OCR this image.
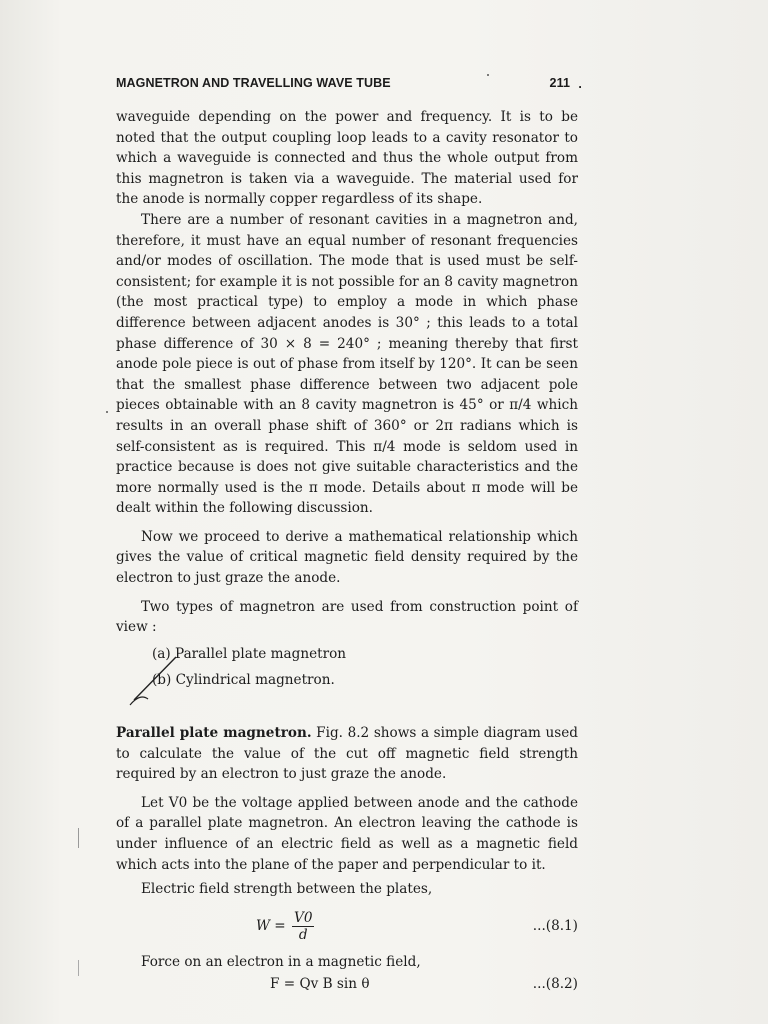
MAGNETRON AND TRAVELLING WAVE TUBE	211 .

waveguide depending on the power and frequency. It is to be noted that the output coupling loop leads to a cavity resonator to which a waveguide is connected and thus the whole output from this magnetron is taken via a waveguide. The material used for the anode is normally copper regardless of its shape.

There are a number of resonant cavities in a magnetron and, therefore, it must have an equal number of resonant frequencies and/or modes of oscillation. The mode that is used must be self-consistent; for example it is not possible for an 8 cavity magnetron (the most practical type) to employ a mode in which phase difference between adjacent anodes is 30° ; this leads to a total phase difference of 30 × 8 = 240° ; meaning thereby that first anode pole piece is out of phase from itself by 120°. It can be seen that the smallest phase difference between two adjacent pole pieces obtainable with an 8 cavity magnetron is 45° or π/4 which results in an overall phase shift of 360° or 2π radians which is self-consistent as is required. This π/4 mode is seldom used in practice because is does not give suitable characteristics and the more normally used is the π mode. Details about π mode will be dealt within the following discussion.

Now we proceed to derive a mathematical relationship which gives the value of critical magnetic field density required by the electron to just graze the anode.

Two types of magnetron are used from construction point of view :

(a) Parallel plate magnetron

(b) Cylindrical magnetron.

Parallel plate magnetron. Fig. 8.2 shows a simple diagram used to calculate the value of the cut off magnetic field strength required by an electron to just graze the anode.

Let V0 be the voltage applied between anode and the cathode of a parallel plate magnetron. An electron leaving the cathode is under influence of an electric field as well as a magnetic field which acts into the plane of the paper and perpendicular to it.

Electric field strength between the plates,

$W = \frac{V0}{d}$	...(8.1)

Force on an electron in a magnetic field,

F = Qv B sin θ	...(8.2)
